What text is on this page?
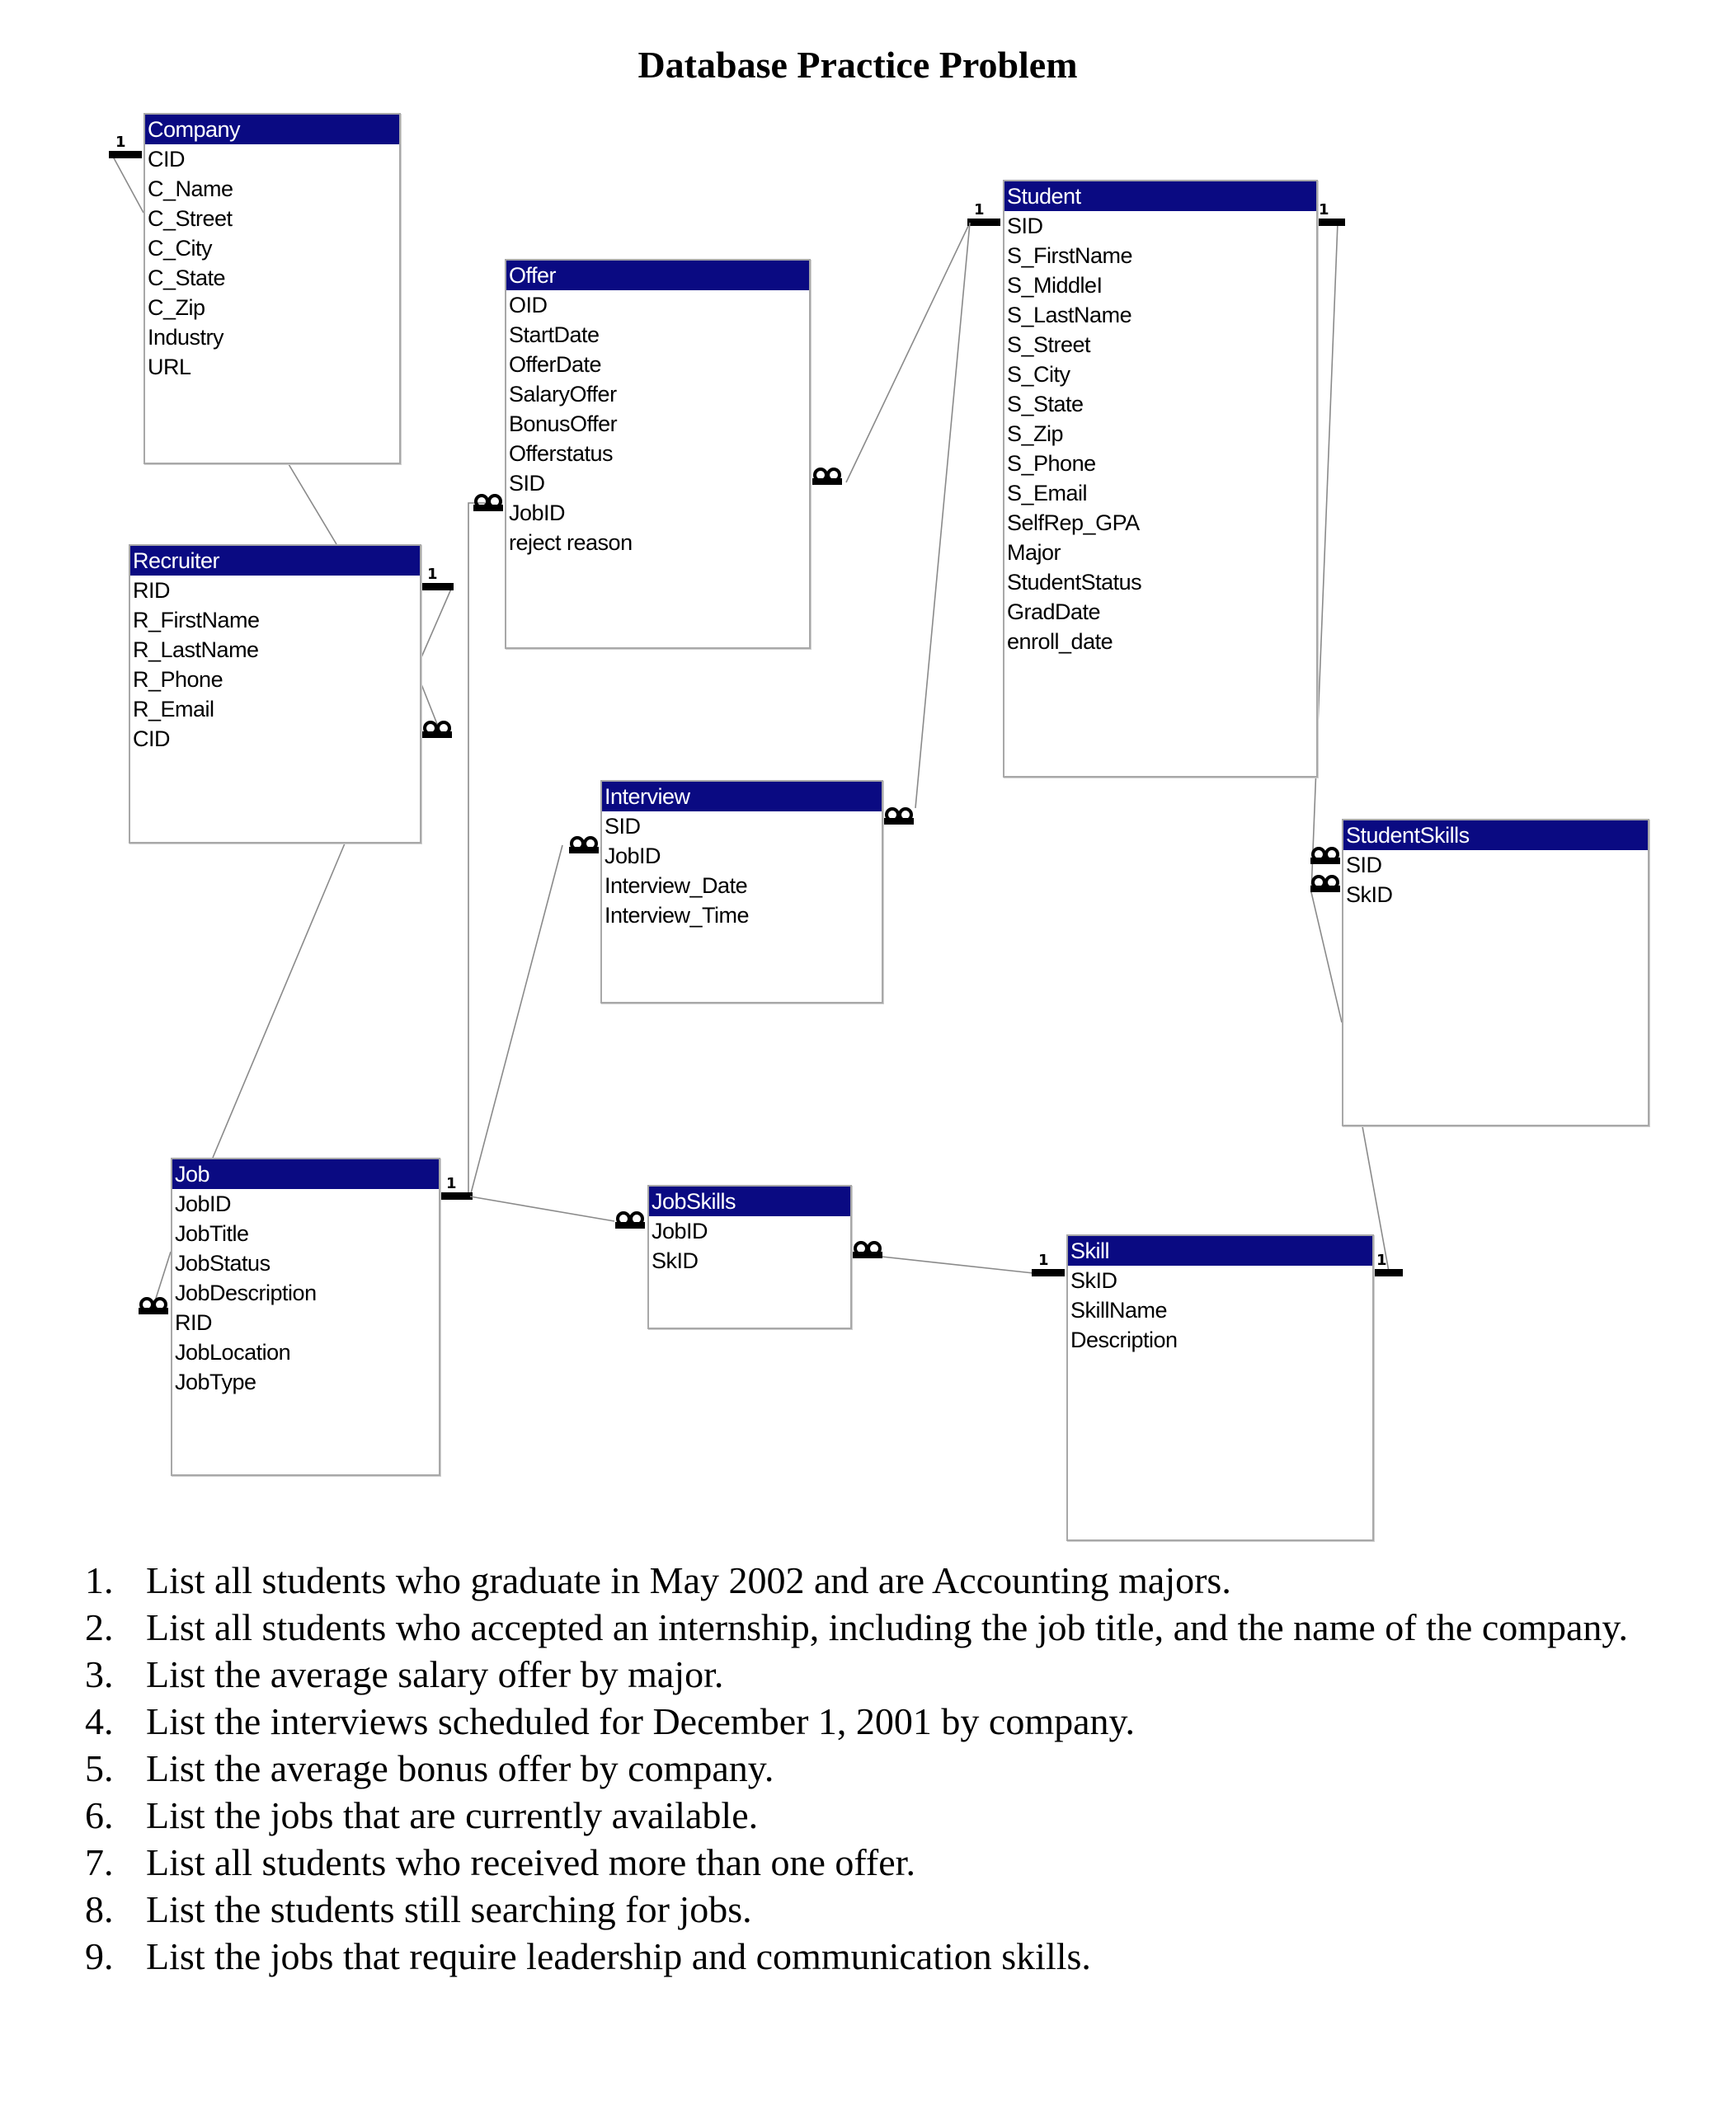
Database Practice Problem
1
1	1
1
1	1
1
Company
CID
C_Name
C_Street
C_City
C_State
C_Zip
Industry
URL
Offer
OID
StartDate
OfferDate
SalaryOffer
BonusOffer
Offerstatus
SID
JobID
reject reason
Student
SID
S_FirstName
S_MiddleI
S_LastName
S_Street
S_City
S_State
S_Zip
S_Phone
S_Email
SelfRep_GPA
Major
StudentStatus
GradDate
enroll_date
Recruiter
RID
R_FirstName
R_LastName
R_Phone
R_Email
CID
Interview
SID
JobID
Interview_Date
Interview_Time
StudentSkills
SID
SkID
Job
JobID
JobTitle
JobStatus
JobDescription
RID
JobLocation
JobType
JobSkills
JobID
SkID	Skill
SkID
SkillName
Description
1. List all students who graduate in May 2002 and are Accounting majors.
2. List all students who accepted an internship, including the job title, and the name of the company.
3. List the average salary offer by major.
4. List the interviews scheduled for December 1, 2001 by company.
5. List the average bonus offer by company.
6. List the jobs that are currently available.
7. List all students who received more than one offer.
8. List the students still searching for jobs.
9. List the jobs that require leadership and communication skills.
